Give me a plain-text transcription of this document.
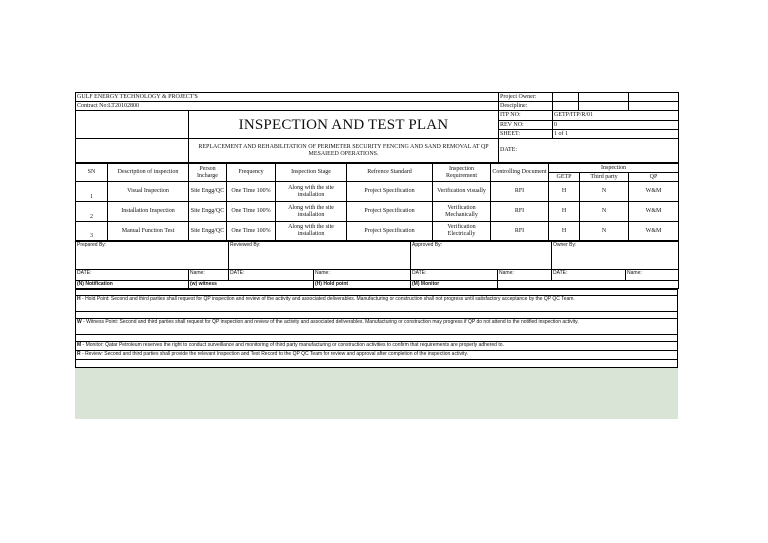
GULF ENERGY TECHNOLOGY & PROJECT'S		Project Owner:			
Contract No:LT20102800		Descipline:			
	INSPECTION AND TEST PLAN	ITP NO:	GETP/ITP/R/01		
		REV NO:	0		
		SHEET:	1 of 1		
	REPLACEMENT AND REHABILITATION OF PERIMETER SECURITY FENCING AND SAND REMOVAL AT QP MESAIEED OPERATIONS.	DATE:			
SN	Description of inspection	Person Incharge	Frequency	Inspection Stage	Refrence Standard	Inspection Requirement	Controlling Document	Inspection		
								GETP	Third party	QP
1	Visual Inspection	Site Engg/QC	One Time 100%	Along with the site installation	Project Specification	Verification visually	RFI	H	N	W&M
2	Installation Inspection	Site Engg/QC	One Time 100%	Along with the site installation	Project Specification	Verification Mechanically	RFI	H	N	W&M
3	Manual Function Test	Site Engg/QC	One Time 100%	Along with the site installation	Project Specification	Verification Electrically	RFI	H	N	W&M
Prepared By:		Reviewed By:		Approved By:		Owner By:	
DATE:	Name:	DATE:	Name:	DATE:	Name:	DATE:	Name:
(N) Notification	(w) witness		(H) Hold point	(M) Monitor			

H - Hold Point: Second and third parties shall request for QP inspection and review of the activity and associated deliverables. Manufacturing or construction shall not progress until satisfactory acceptance by the QP QC Team.

W - Witness Point: Second and third parties shall request for QP inspection and review of the activity and associated deliverables. Manufacturing or construction may progress if QP do not attend to the notified inspection activity.

M - Monitor: Qatar Petroleum reserves the right to conduct surveillance and monitoring of third party manufacturing or construction activities to confirm that requirements are properly adhered to.
R - Review: Second and third parties shall provide the relevant Inspection and Test Record to the QP QC Team for review and approval after completion of the inspection activity.
